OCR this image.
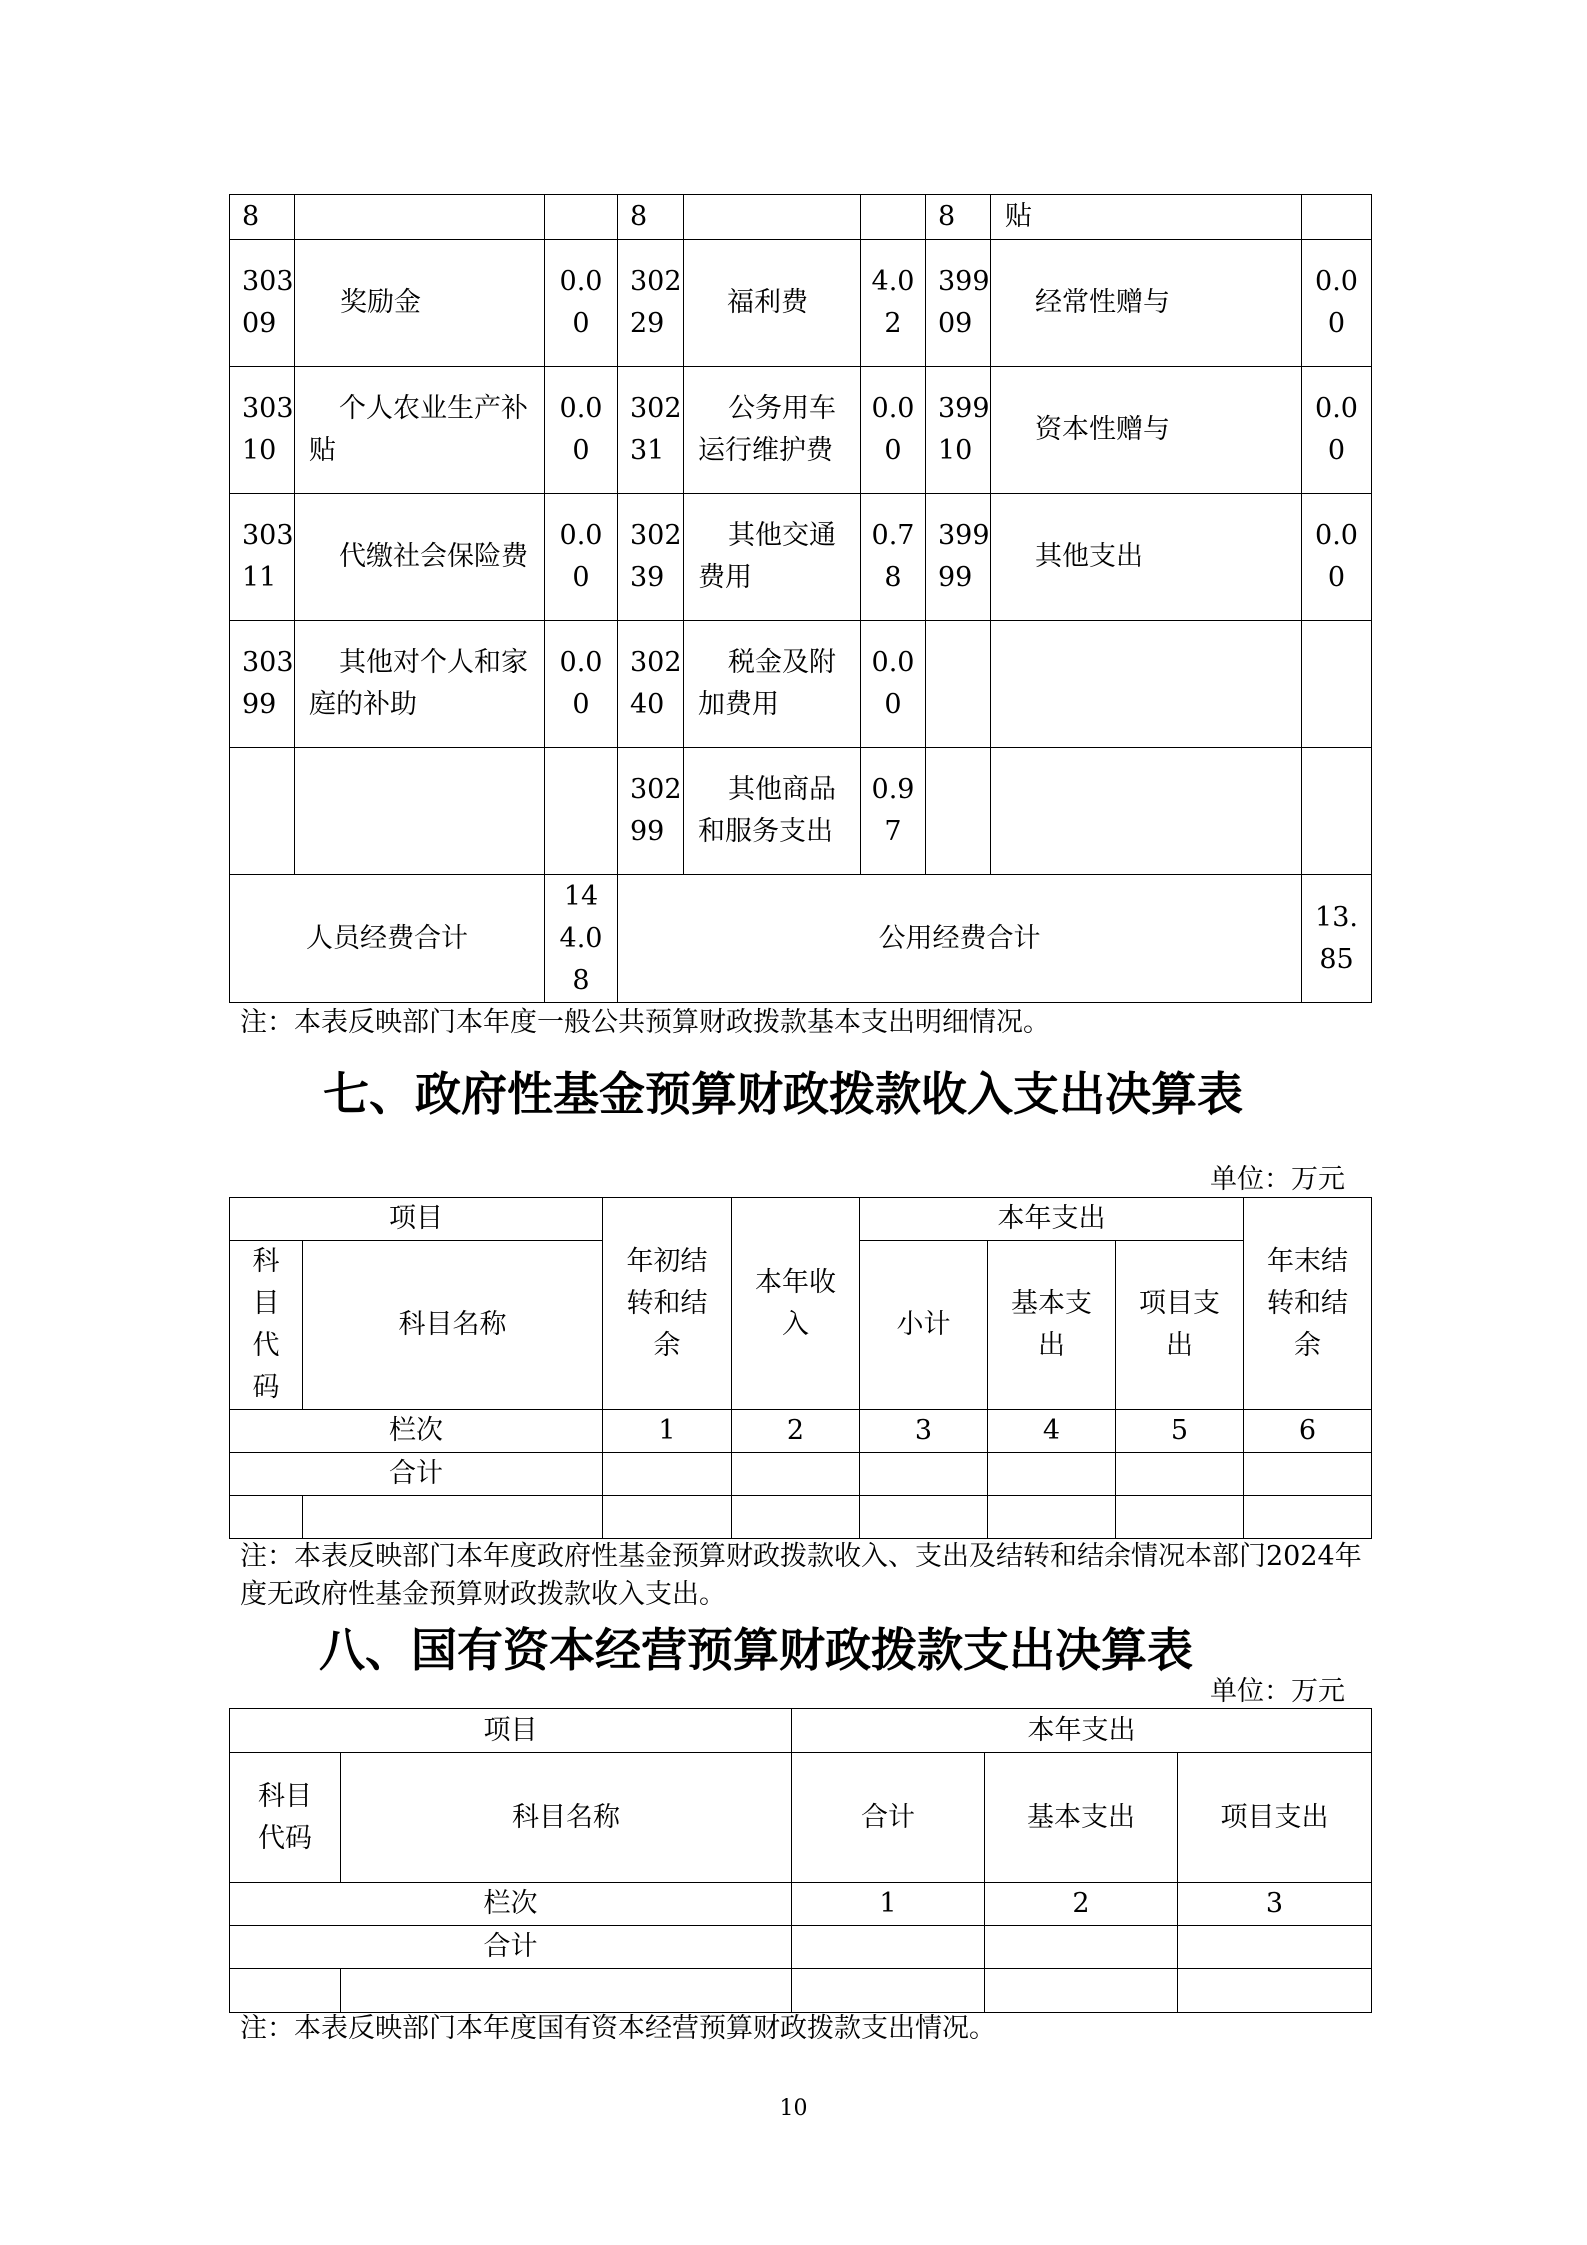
8			8			8	贴	
30309	奖励金	0.00	30229	福利费	4.02	39909	经常性赠与	0.00
30310	个人农业生产补贴	0.00	30231	公务用车运行维护费	0.00	39910	资本性赠与	0.00
30311	代缴社会保险费	0.00	30239	其他交通费用	0.78	39999	其他支出	0.00
30399	其他对个人和家庭的补助	0.00	30240	税金及附加费用	0.00			
			30299	其他商品和服务支出	0.97			
人员经费合计		144.08	公用经费合计					13.85
注：本表反映部门本年度一般公共预算财政拨款基本支出明细情况。
七、政府性基金预算财政拨款收入支出决算表
单位：万元
项目		年初结转和结余	本年收入	本年支出			年末结转和结余
科目代码	科目名称			小计	基本支出	项目支出	
栏次		1	2	3	4	5	6
合计							

注：本表反映部门本年度政府性基金预算财政拨款收入、支出及结转和结余情况本部门2024年度无政府性基金预算财政拨款收入支出。
八、国有资本经营预算财政拨款支出决算表
单位：万元
项目		本年支出		
科目代码	科目名称	合计	基本支出	项目支出
栏次		1	2	3
合计				

注：本表反映部门本年度国有资本经营预算财政拨款支出情况。
10
